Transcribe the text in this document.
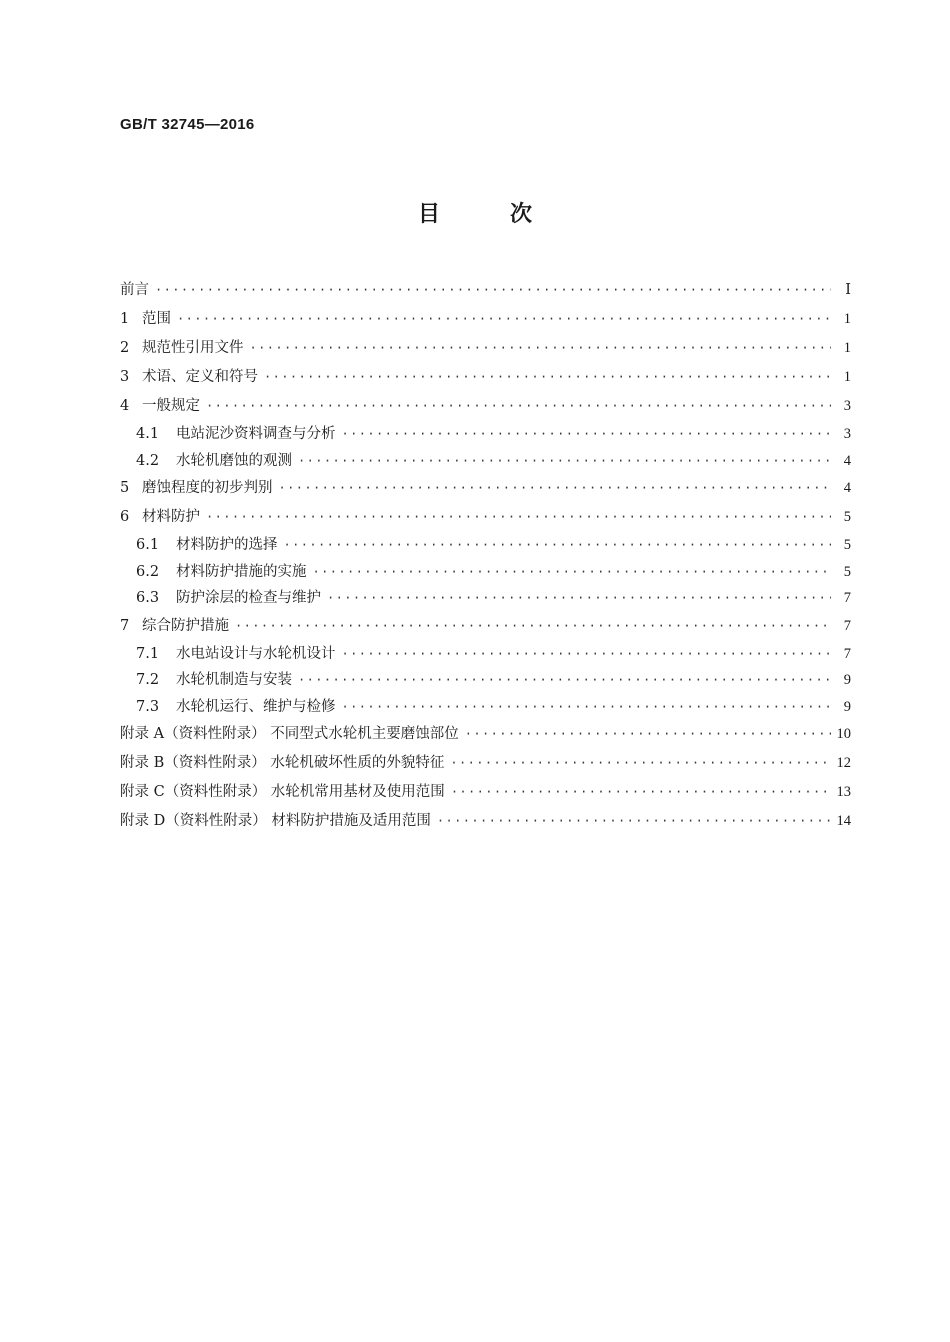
GB/T 32745—2016
目	次
前言 ·····	Ⅰ
1 范围 ·····	1
2 规范性引用文件 ·····	1
3 术语、定义和符号 ·····	1
4 一般规定 ·····	3
4.1	电站泥沙资料调查与分析 ·····	3
4.2	水轮机磨蚀的观测 ·····	4
5 磨蚀程度的初步判别 ·····	4
6 材料防护 ·····	5
6.1	材料防护的选择 ·····	5
6.2	材料防护措施的实施 ·····	5
6.3	防护涂层的检查与维护 ·····	7
7 综合防护措施 ·····	7
7.1	水电站设计与水轮机设计 ·····	7
7.2	水轮机制造与安装 ·····	9
7.3	水轮机运行、维护与检修 ·····	9
附录 A（资料性附录） 不同型式水轮机主要磨蚀部位 ·····	10
附录 B（资料性附录） 水轮机破坏性质的外貌特征 ·····	12
附录 C（资料性附录） 水轮机常用基材及使用范围 ·····	13
附录 D（资料性附录） 材料防护措施及适用范围 ·····	14
